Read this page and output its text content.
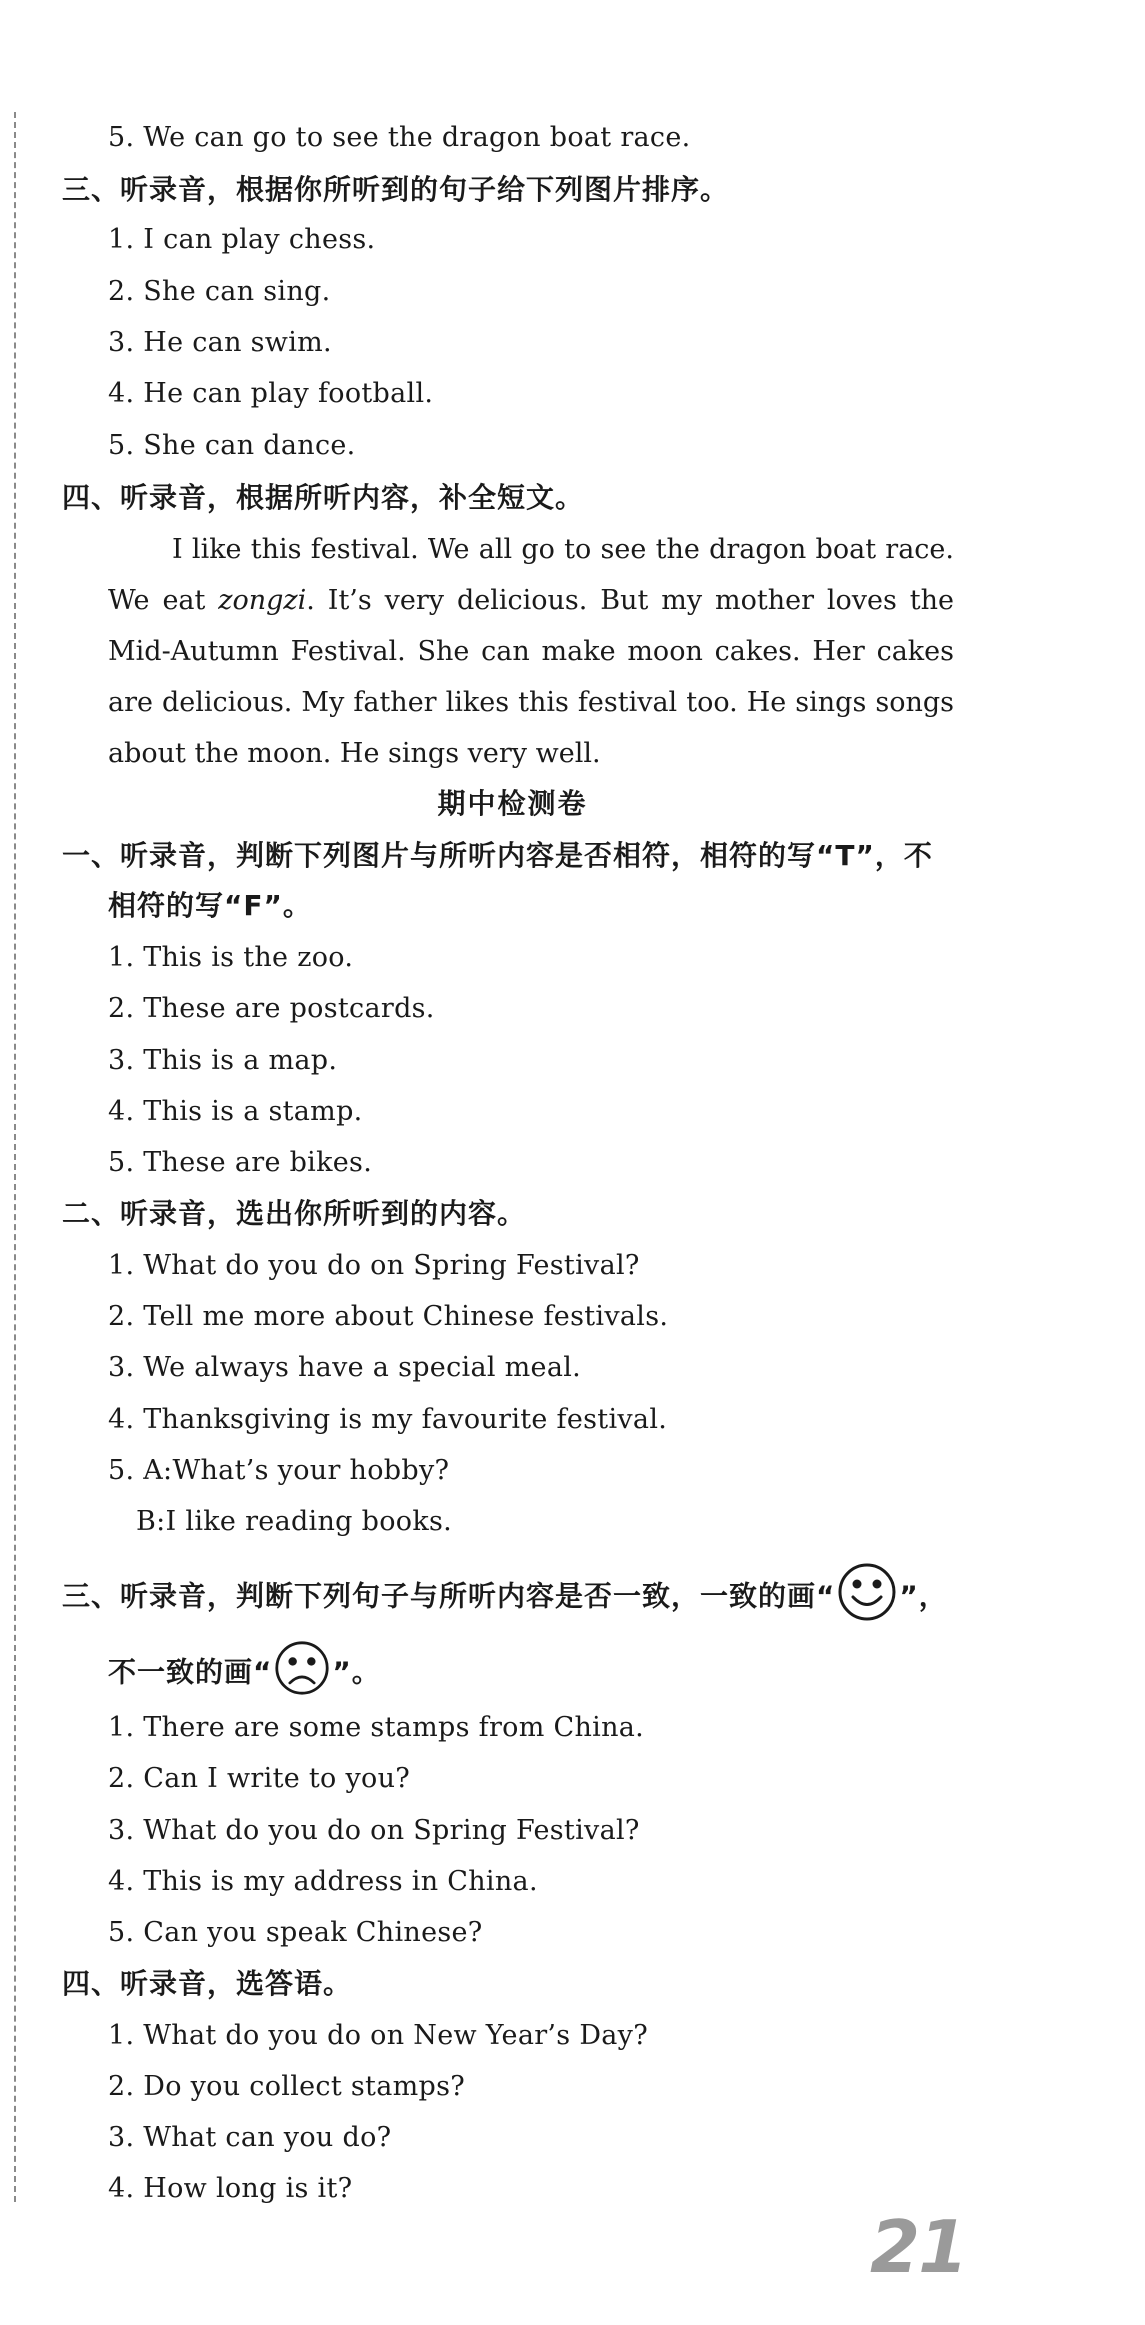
5. We can go to see the dragon boat race.
三、听录音，根据你所听到的句子给下列图片排序。
1. I can play chess.
2. She can sing.
3. He can swim.
4. He can play football.
5. She can dance.
四、听录音，根据所听内容，补全短文。
I like this festival. We all go to see the dragon boat race. We eat zongzi. It’s very delicious. But my mother loves the Mid-Autumn Festival. She can make moon cakes. Her cakes are delicious. My father likes this festival too. He sings songs about the moon. He sings very well.
期中检测卷
一、听录音，判断下列图片与所听内容是否相符，相符的写“T”，不
相符的写“F”。
1. This is the zoo.
2. These are postcards.
3. This is a map.
4. This is a stamp.
5. These are bikes.
二、听录音，选出你所听到的内容。
1. What do you do on Spring Festival?
2. Tell me more about Chinese festivals.
3. We always have a special meal.
4. Thanksgiving is my favourite festival.
5. A:What’s your hobby?
B:I like reading books.
三、听录音，判断下列句子与所听内容是否一致，一致的画“ ”，
不一致的画“ ”。
1. There are some stamps from China.
2. Can I write to you?
3. What do you do on Spring Festival?
4. This is my address in China.
5. Can you speak Chinese?
四、听录音，选答语。
1. What do you do on New Year’s Day?
2. Do you collect stamps?
3. What can you do?
4. How long is it?
21
